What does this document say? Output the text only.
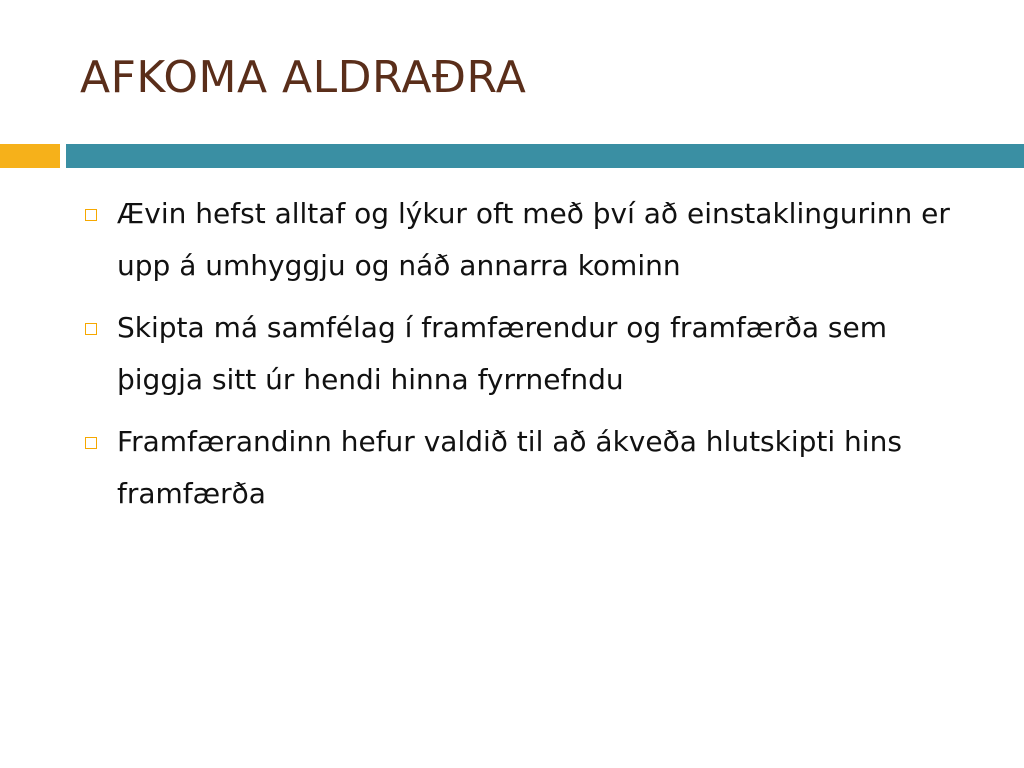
AFKOMA ALDRAÐRA
Ævin hefst alltaf og lýkur oft með því að einstaklingurinn er upp á umhyggju og náð annarra kominn
Skipta má samfélag í framfærendur og framfærða sem þiggja sitt úr hendi hinna fyrrnefndu
Framfærandinn hefur valdið til að ákveða hlutskipti hins framfærða
